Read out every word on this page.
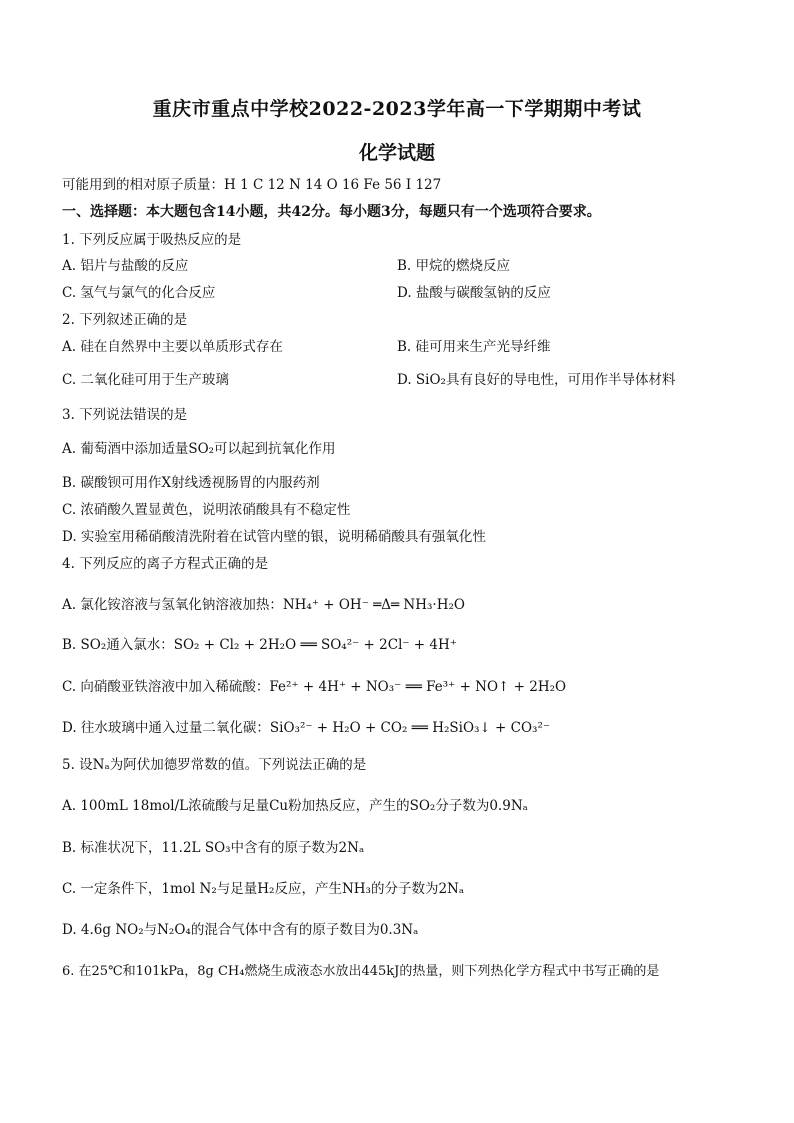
重庆市重点中学校2022-2023学年高一下学期期中考试
化学试题
可能用到的相对原子质量：H 1 C 12 N 14 O 16 Fe 56 I 127
一、选择题：本大题包含14小题，共42分。每小题3分，每题只有一个选项符合要求。
1. 下列反应属于吸热反应的是
A. 铝片与盐酸的反应	B. 甲烷的燃烧反应
C. 氢气与氯气的化合反应	D. 盐酸与碳酸氢钠的反应
2. 下列叙述正确的是
A. 硅在自然界中主要以单质形式存在	B. 硅可用来生产光导纤维
C. 二氧化硅可用于生产玻璃	D. SiO₂具有良好的导电性，可用作半导体材料
3. 下列说法错误的是
A. 葡萄酒中添加适量SO₂可以起到抗氧化作用
B. 碳酸钡可用作X射线透视肠胃的内服药剂
C. 浓硝酸久置显黄色，说明浓硝酸具有不稳定性
D. 实验室用稀硝酸清洗附着在试管内壁的银，说明稀硝酸具有强氧化性
4. 下列反应的离子方程式正确的是
A. 氯化铵溶液与氢氧化钠溶液加热：NH₄⁺ + OH⁻ ═Δ═ NH₃·H₂O
B. SO₂通入氯水：SO₂ + Cl₂ + 2H₂O ══ SO₄²⁻ + 2Cl⁻ + 4H⁺
C. 向硝酸亚铁溶液中加入稀硫酸：Fe²⁺ + 4H⁺ + NO₃⁻ ══ Fe³⁺ + NO↑ + 2H₂O
D. 往水玻璃中通入过量二氧化碳：SiO₃²⁻ + H₂O + CO₂ ══ H₂SiO₃↓ + CO₃²⁻
5. 设Nₐ为阿伏加德罗常数的值。下列说法正确的是
A. 100mL 18mol/L浓硫酸与足量Cu粉加热反应，产生的SO₂分子数为0.9Nₐ
B. 标准状况下，11.2L SO₃中含有的原子数为2Nₐ
C. 一定条件下，1mol N₂与足量H₂反应，产生NH₃的分子数为2Nₐ
D. 4.6g NO₂与N₂O₄的混合气体中含有的原子数目为0.3Nₐ
6. 在25℃和101kPa，8g CH₄燃烧生成液态水放出445kJ的热量，则下列热化学方程式中书写正确的是
